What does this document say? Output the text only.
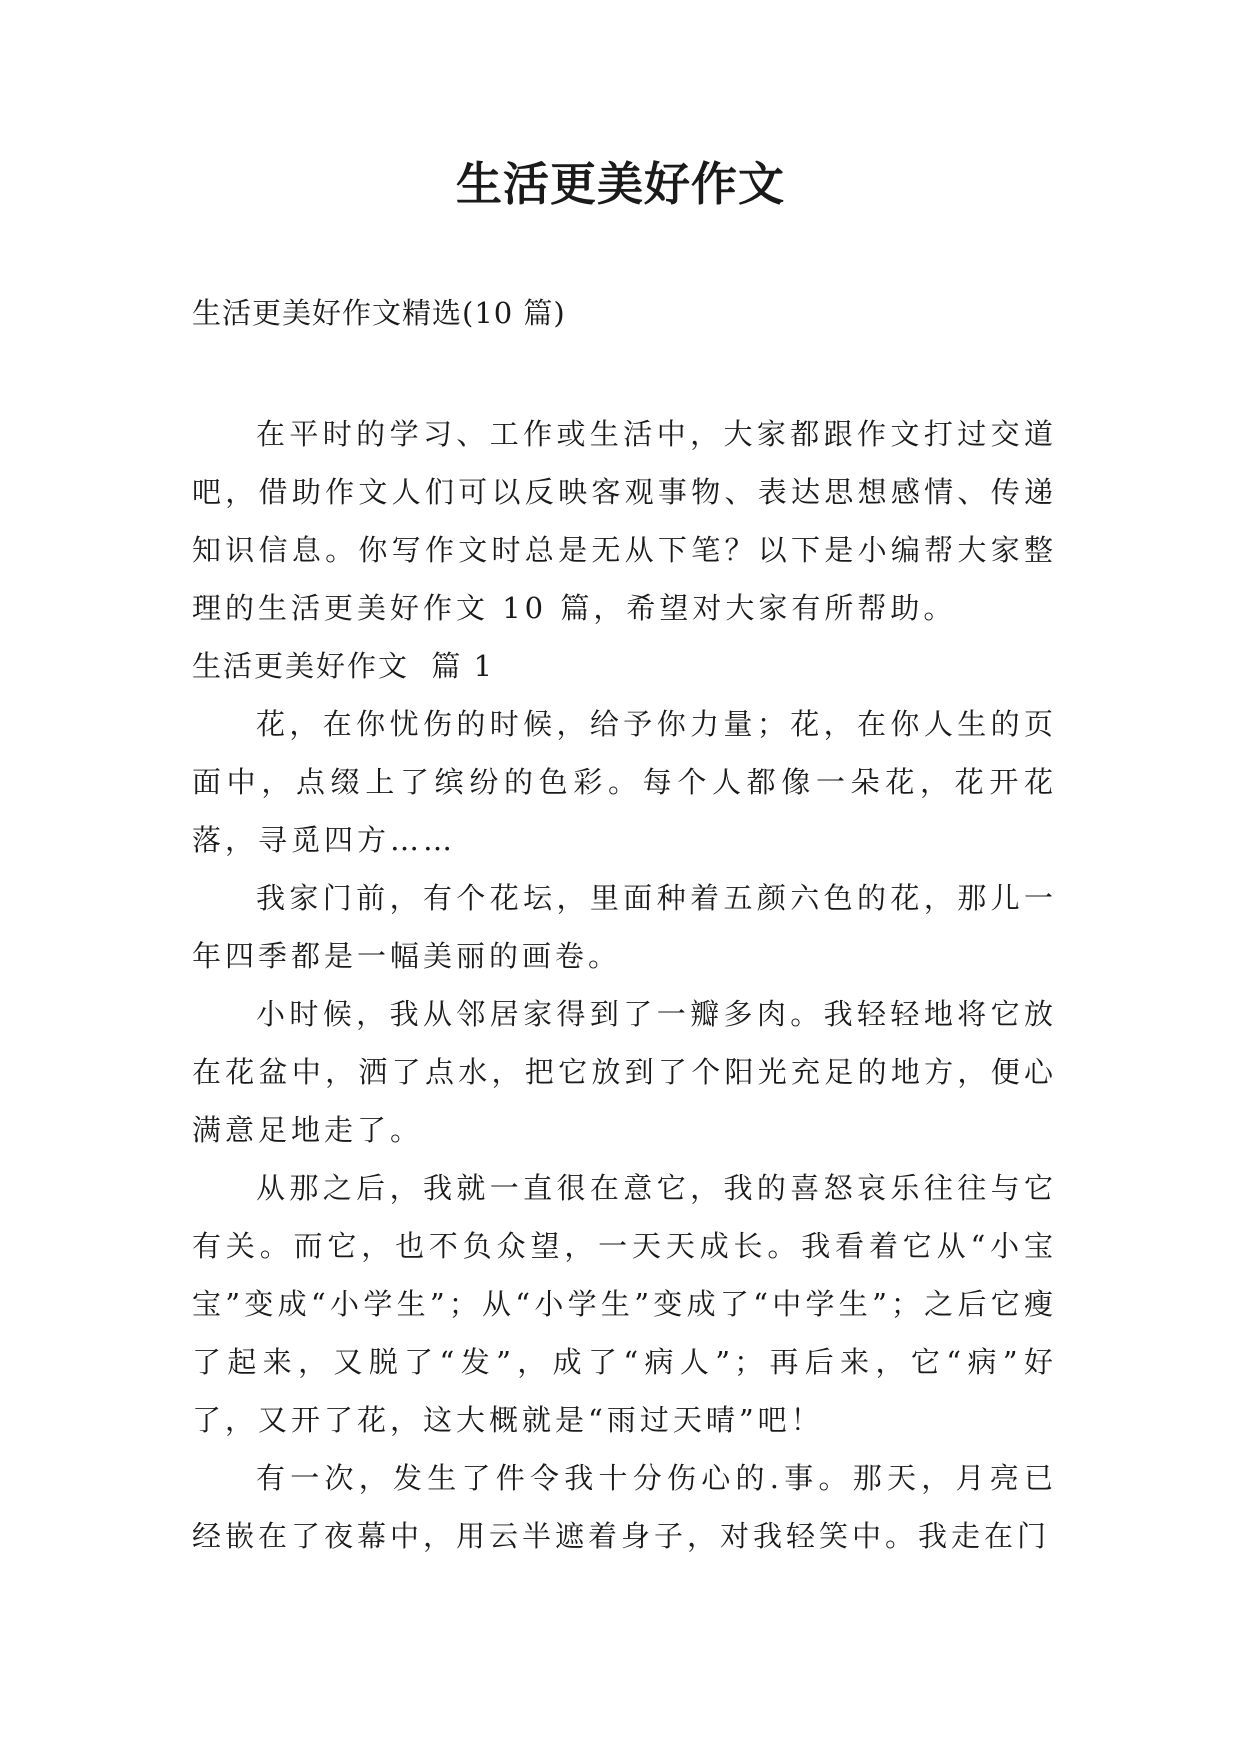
生活更美好作文

生活更美好作文精选(10 篇)

在平时的学习、工作或生活中，大家都跟作文打过交道吧，借助作文人们可以反映客观事物、表达思想感情、传递知识信息。你写作文时总是无从下笔？以下是小编帮大家整理的生活更美好作文 10 篇，希望对大家有所帮助。

生活更美好作文  篇 1

花，在你忧伤的时候，给予你力量；花，在你人生的页面中，点缀上了缤纷的色彩。每个人都像一朵花，花开花落，寻觅四方……

我家门前，有个花坛，里面种着五颜六色的花，那儿一年四季都是一幅美丽的画卷。

小时候，我从邻居家得到了一瓣多肉。我轻轻地将它放在花盆中，洒了点水，把它放到了个阳光充足的地方，便心满意足地走了。

从那之后，我就一直很在意它，我的喜怒哀乐往往与它有关。而它，也不负众望，一天天成长。我看着它从“小宝宝”变成“小学生”；从“小学生”变成了“中学生”；之后它瘦了起来，又脱了“发”，成了“病人”；再后来，它“病”好了，又开了花，这大概就是“雨过天晴”吧！

有一次，发生了件令我十分伤心的.事。那天，月亮已经嵌在了夜幕中，用云半遮着身子，对我轻笑中。我走在门
